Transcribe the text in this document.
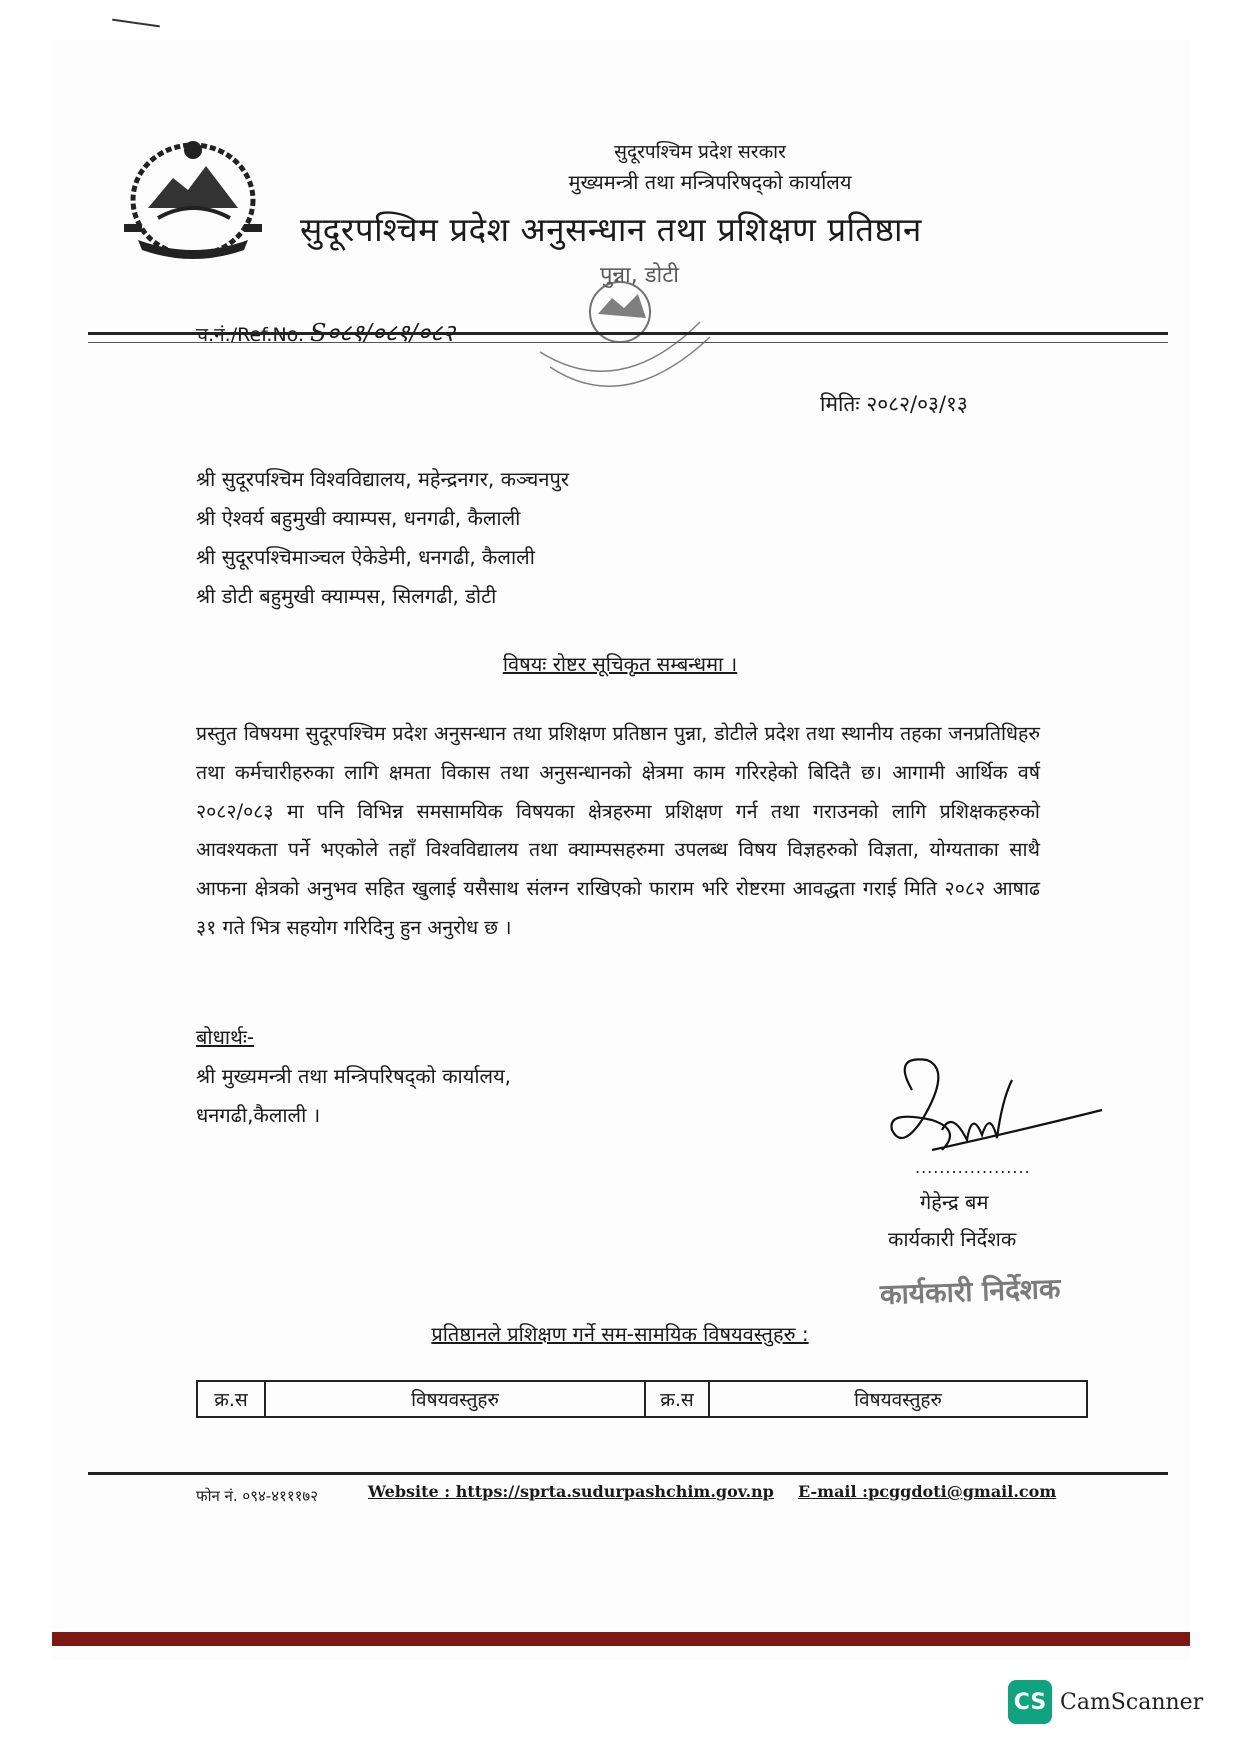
सुदूरपश्चिम प्रदेश सरकार
मुख्यमन्त्री तथा मन्त्रिपरिषद्को कार्यालय
सुदूरपश्चिम प्रदेश अनुसन्धान तथा प्रशिक्षण प्रतिष्ठान
पुन्ना, डोटी
च.नं./Ref.No. S०८१/०८१/०८२
मितिः २०८२/०३/१३
श्री सुदूरपश्चिम विश्वविद्यालय, महेन्द्रनगर, कञ्चनपुर
श्री ऐश्वर्य बहुमुखी क्याम्पस, धनगढी, कैलाली
श्री सुदूरपश्चिमाञ्चल ऐकेडेमी, धनगढी, कैलाली
श्री डोटी बहुमुखी क्याम्पस, सिलगढी, डोटी
विषयः रोष्टर सूचिकृत सम्बन्धमा ।
प्रस्तुत विषयमा सुदूरपश्चिम प्रदेश अनुसन्धान तथा प्रशिक्षण प्रतिष्ठान पुन्ना, डोटीले प्रदेश तथा स्थानीय तहका जनप्रतिधिहरु तथा कर्मचारीहरुका लागि क्षमता विकास तथा अनुसन्धानको क्षेत्रमा काम गरिरहेको बिदितै छ। आगामी आर्थिक वर्ष २०८२/०८३ मा पनि विभिन्न समसामयिक विषयका क्षेत्रहरुमा प्रशिक्षण गर्न तथा गराउनको लागि प्रशिक्षकहरुको आवश्यकता पर्ने भएकोले तहाँ विश्वविद्यालय तथा क्याम्पसहरुमा उपलब्ध विषय विज्ञहरुको विज्ञता, योग्यताका साथै आफना क्षेत्रको अनुभव सहित खुलाई यसैसाथ संलग्न राखिएको फाराम भरि रोष्टरमा आवद्धता गराई मिति २०८२ आषाढ ३१ गते भित्र सहयोग गरिदिनु हुन अनुरोध छ ।
बोधार्थः-
श्री मुख्यमन्त्री तथा मन्त्रिपरिषद्को कार्यालय,
धनगढी,कैलाली ।
...................
गेहेन्द्र बम
कार्यकारी निर्देशक
कार्यकारी निर्देशक
प्रतिष्ठानले प्रशिक्षण गर्ने सम-सामयिक विषयवस्तुहरु :
क्र.स	विषयवस्तुहरु	क्र.स	विषयवस्तुहरु
फोन नं. ०९४-४१११७२	Website : https://sprta.sudurpashchim.gov.np E-mail :pcggdoti@gmail.com
CS CamScanner
